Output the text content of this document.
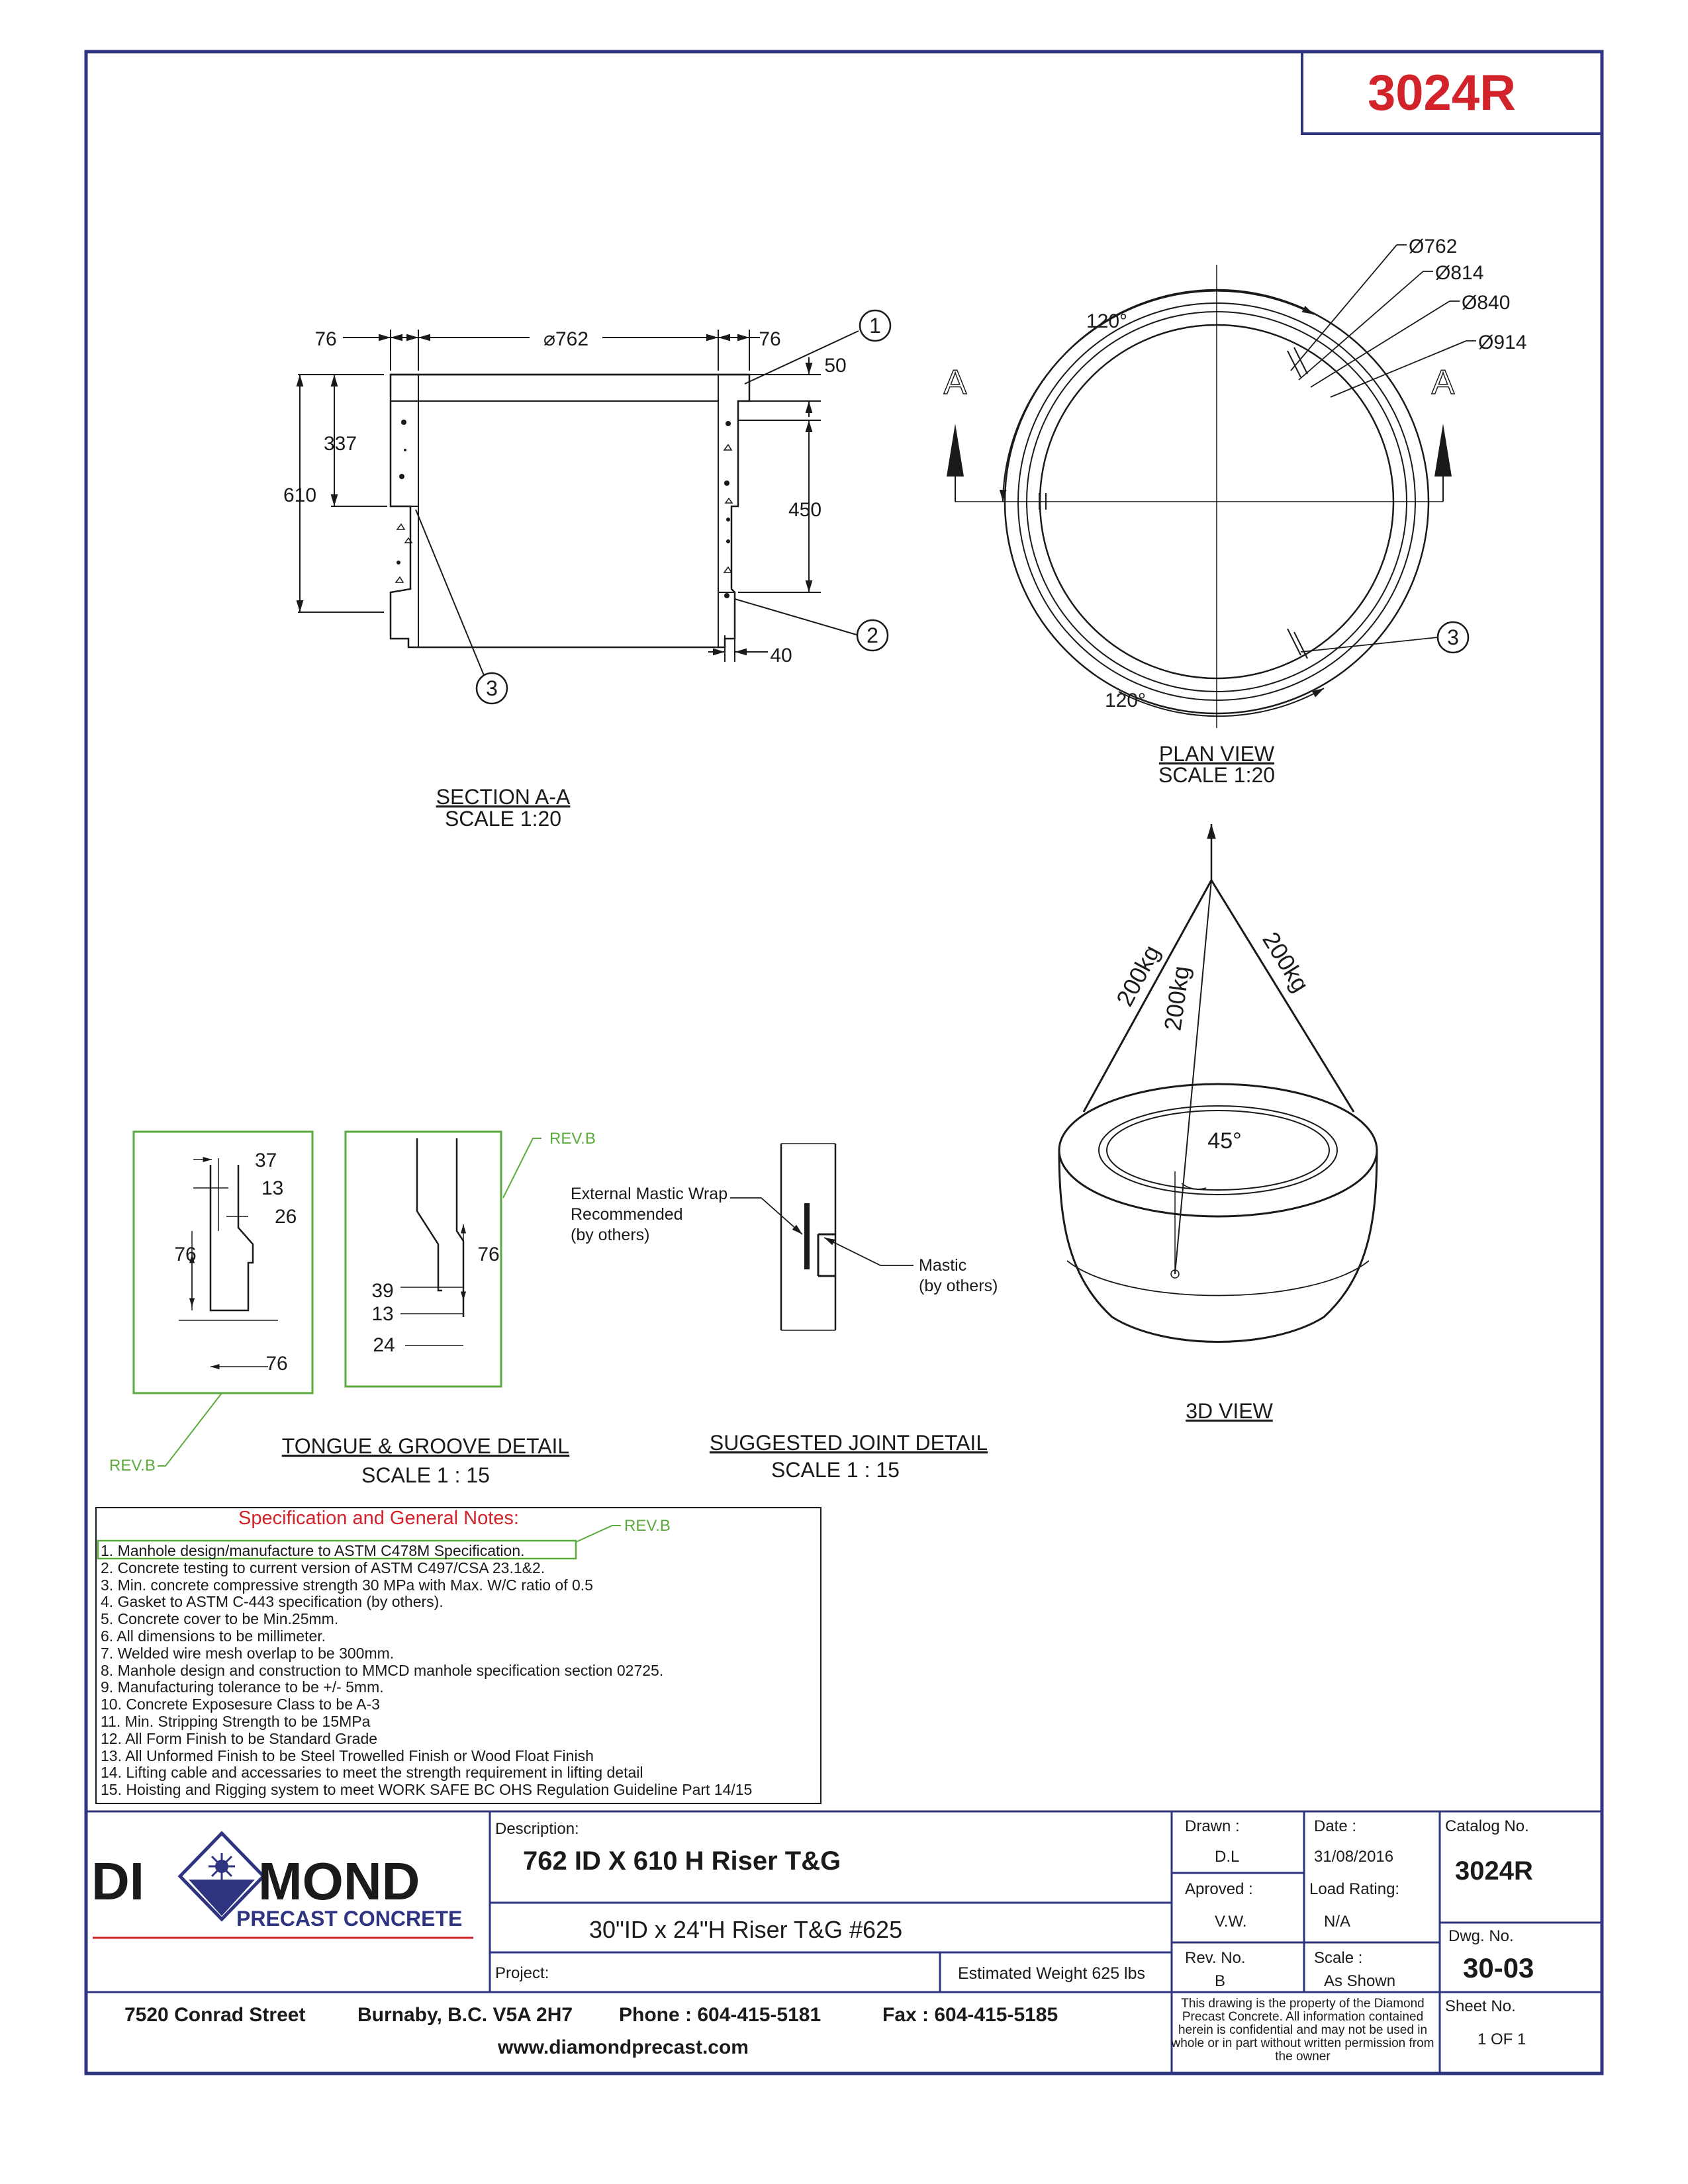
3024R
76	⌀762	76
337
610
50
450
40
SECTION A-A
SCALE 1:20
1
2
3
3
Ø762
Ø814
Ø840
Ø914
120°
120°
A	A
PLAN VIEW
SCALE 1:20
200kg
200kg
200kg
45°
3D VIEW
37
13
26
76
76
76
39
13
24
REV.B
REV.B
TONGUE & GROOVE DETAIL
SCALE 1 : 15
External Mastic Wrap
Recommended
(by others)
Mastic
(by others)
SUGGESTED JOINT DETAIL
SCALE 1 : 15
REV.B
DI MOND
PRECAST CONCRETE
Specification and General Notes:
1. Manhole design/manufacture to ASTM C478M Specification.
2. Concrete testing to current version of ASTM C497/CSA 23.1&2.
3. Min. concrete compressive strength 30 MPa with Max. W/C ratio of 0.5
4. Gasket to ASTM C-443 specification (by others).
5. Concrete cover to be Min.25mm.
6. All dimensions to be millimeter.
7. Welded wire mesh overlap to be 300mm.
8. Manhole design and construction to MMCD manhole specification section 02725.
9. Manufacturing tolerance to be +/- 5mm.
10. Concrete Exposesure Class to be A-3
11. Min. Stripping Strength to be 15MPa
12. All Form Finish to be Standard Grade
13. All Unformed Finish to be Steel Trowelled Finish or Wood Float Finish
14. Lifting cable and accessaries to meet the strength requirement in lifting detail
15. Hoisting and Rigging system to meet WORK SAFE BC OHS Regulation Guideline Part 14/15
Description:
762 ID X 610 H Riser T&G
30"ID x 24"H Riser T&G #625
Project:	Estimated Weight 625 lbs
Drawn :
D.L
Aproved :
V.W.
Rev. No.
B
Date :
31/08/2016
Load Rating:
N/A
Scale :
As Shown
Catalog No.
3024R
Dwg. No.
30-03
Sheet No.
1 OF 1
This drawing is the property of the Diamond Precast Concrete. All information contained herein is confidential and may not be used in whole or in part without written permission from the owner
7520 Conrad Street	Burnaby, B.C. V5A 2H7 Phone : 604-415-5181	Fax : 604-415-5185
www.diamondprecast.com
